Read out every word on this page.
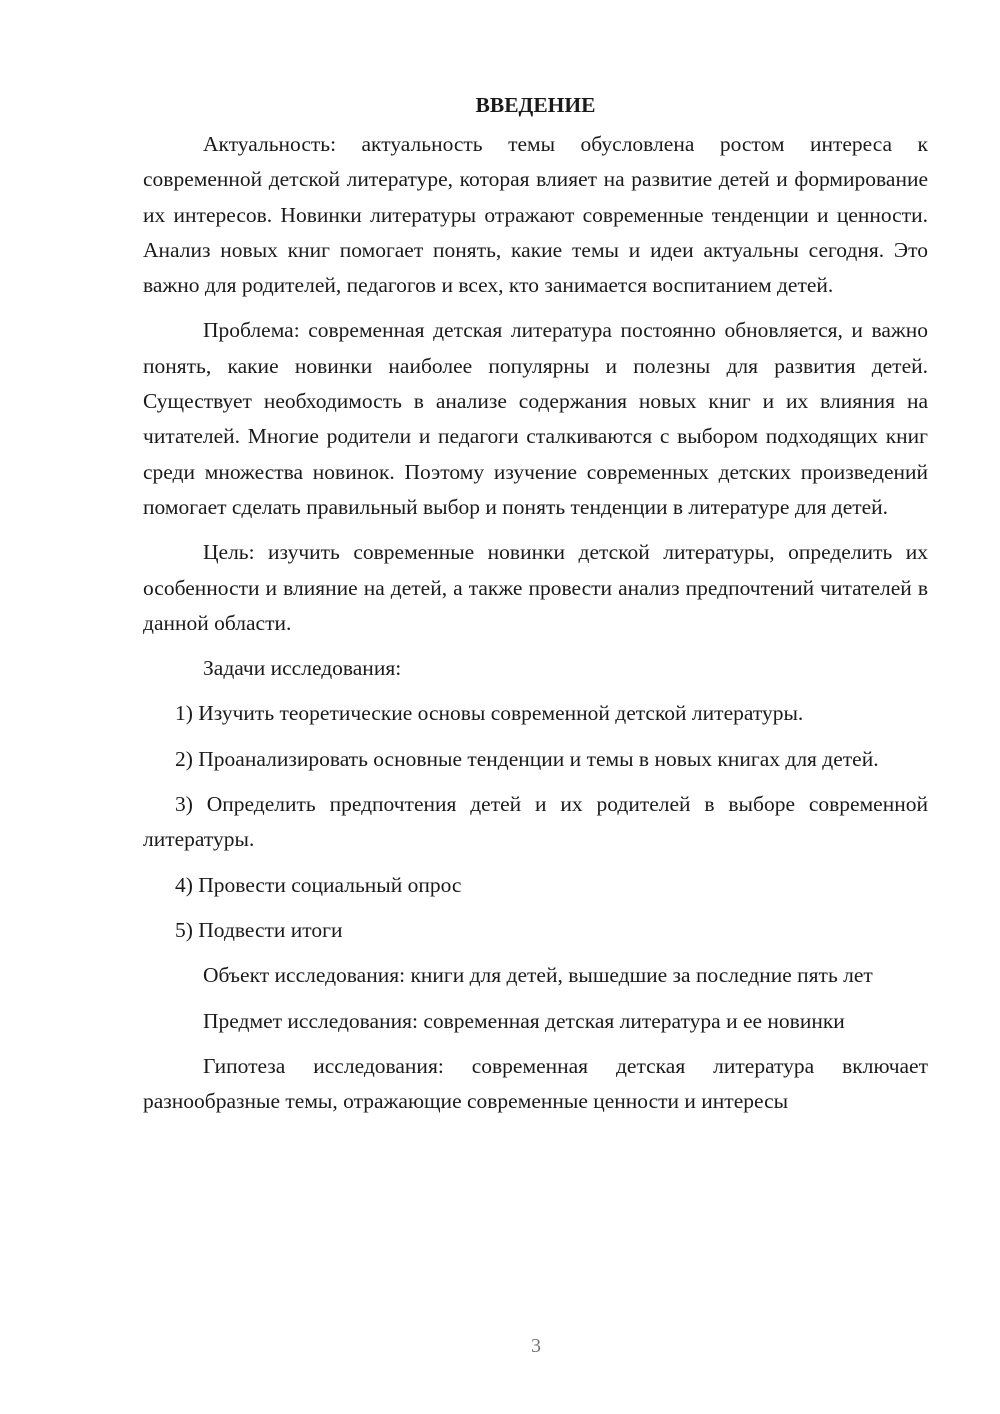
ВВЕДЕНИЕ

Актуальность: актуальность темы обусловлена ростом интереса к современной детской литературе, которая влияет на развитие детей и формирование их интересов. Новинки литературы отражают современные тенденции и ценности. Анализ новых книг помогает понять, какие темы и идеи актуальны сегодня. Это важно для родителей, педагогов и всех, кто занимается воспитанием детей.

Проблема: современная детская литература постоянно обновляется, и важно понять, какие новинки наиболее популярны и полезны для развития детей. Существует необходимость в анализе содержания новых книг и их влияния на читателей. Многие родители и педагоги сталкиваются с выбором подходящих книг среди множества новинок. Поэтому изучение современных детских произведений помогает сделать правильный выбор и понять тенденции в литературе для детей.

Цель: изучить современные новинки детской литературы, определить их особенности и влияние на детей, а также провести анализ предпочтений читателей в данной области.

Задачи исследования:

1) Изучить теоретические основы современной детской литературы.

2) Проанализировать основные тенденции и темы в новых книгах для детей.

3) Определить предпочтения детей и их родителей в выборе современной литературы.

4) Провести социальный опрос

5) Подвести итоги

Объект исследования: книги для детей, вышедшие за последние пять лет

Предмет исследования: современная детская литература и ее новинки

Гипотеза исследования: современная детская литература включает разнообразные темы, отражающие современные ценности и интересы

3
